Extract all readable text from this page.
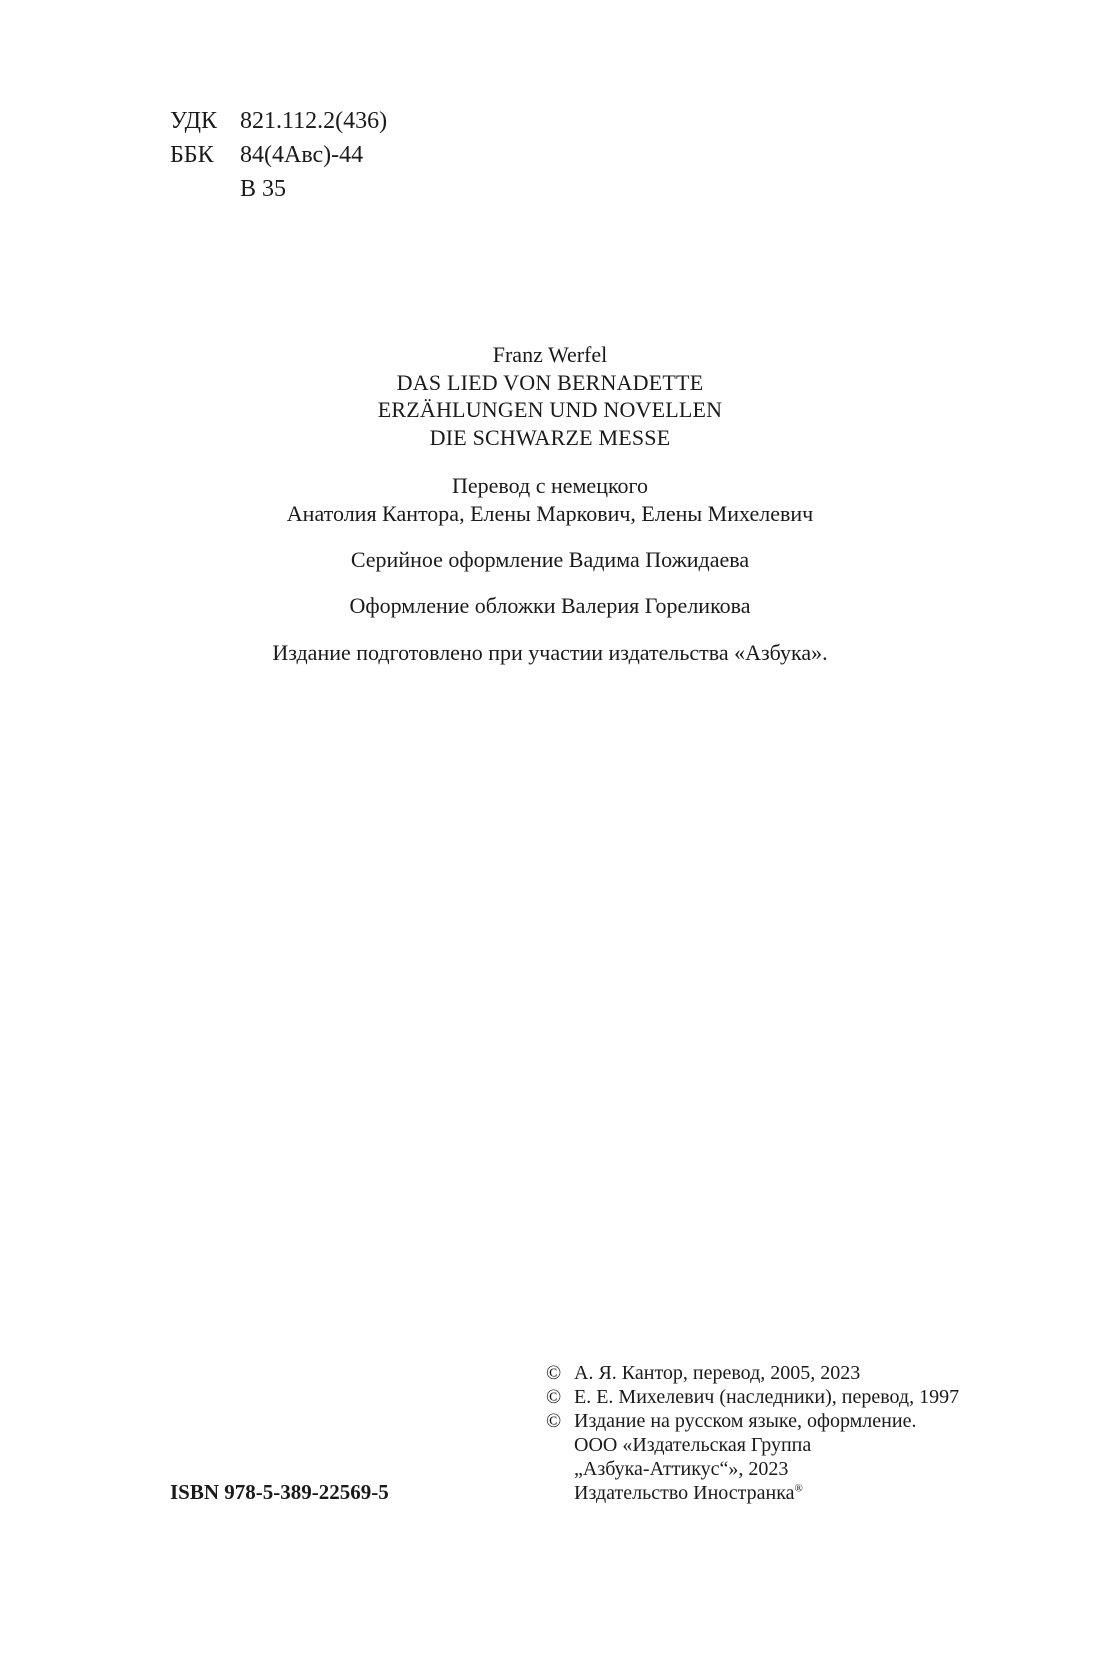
УДК 821.112.2(436)
ББК	84(4Авс)-44
В 35
Franz Werfel
DAS LIED VON BERNADETTE
ERZÄHLUNGEN UND NOVELLEN
DIE SCHWARZE MESSE
Перевод с немецкого
Анатолия Кантора, Елены Маркович, Елены Михелевич
Серийное оформление Вадима Пожидаева
Оформление обложки Валерия Гореликова
Издание подготовлено при участии издательства «Азбука».
ISBN 978-5-389-22569-5
© А. Я. Кантор, перевод, 2005, 2023
© Е. Е. Михелевич (наследники), перевод, 1997
© Издание на русском языке, оформление.
ООО «Издательская Группа
„Азбука-Аттикус“», 2023
Издательство Иностранка®
